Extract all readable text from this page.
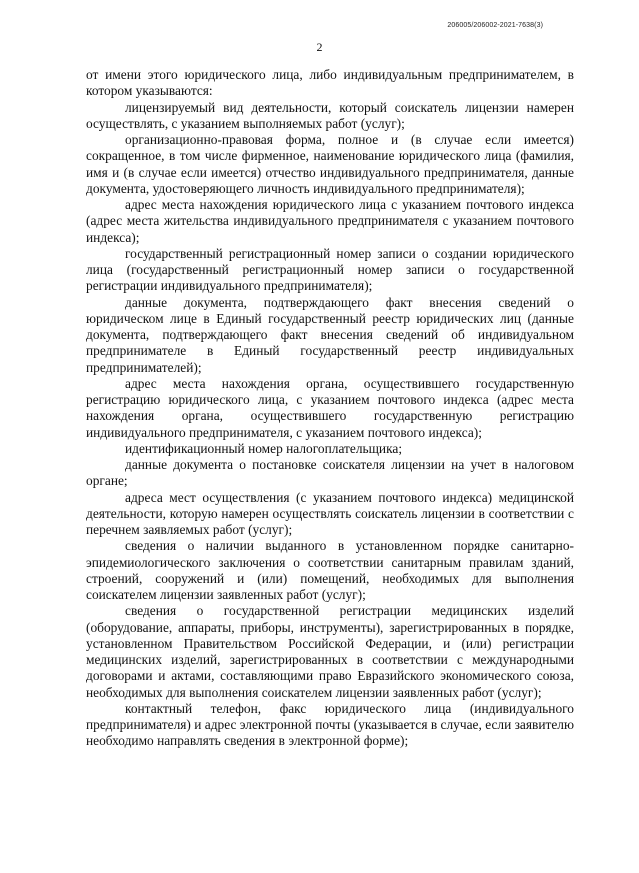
206005/206002-2021-7638(3)
2

от имени этого юридического лица, либо индивидуальным предпринимателем, в котором указываются:

лицензируемый вид деятельности, который соискатель лицензии намерен осуществлять, с указанием выполняемых работ (услуг);

организационно-правовая форма, полное и (в случае если имеется) сокращенное, в том числе фирменное, наименование юридического лица (фамилия, имя и (в случае если имеется) отчество индивидуального предпринимателя, данные документа, удостоверяющего личность индивидуального предпринимателя);

адрес места нахождения юридического лица с указанием почтового индекса (адрес места жительства индивидуального предпринимателя с указанием почтового индекса);

государственный регистрационный номер записи о создании юридического лица (государственный регистрационный номер записи о государственной регистрации индивидуального предпринимателя);

данные документа, подтверждающего факт внесения сведений о юридическом лице в Единый государственный реестр юридических лиц (данные документа, подтверждающего факт внесения сведений об индивидуальном предпринимателе в Единый государственный реестр индивидуальных предпринимателей);

адрес места нахождения органа, осуществившего государственную регистрацию юридического лица, с указанием почтового индекса (адрес места нахождения органа, осуществившего государственную регистрацию индивидуального предпринимателя, с указанием почтового индекса);

идентификационный номер налогоплательщика;

данные документа о постановке соискателя лицензии на учет в налоговом органе;

адреса мест осуществления (с указанием почтового индекса) медицинской деятельности, которую намерен осуществлять соискатель лицензии в соответствии с перечнем заявляемых работ (услуг);

сведения о наличии выданного в установленном порядке санитарно-эпидемиологического заключения о соответствии санитарным правилам зданий, строений, сооружений и (или) помещений, необходимых для выполнения соискателем лицензии заявленных работ (услуг);

сведения о государственной регистрации медицинских изделий (оборудование, аппараты, приборы, инструменты), зарегистрированных в порядке, установленном Правительством Российской Федерации, и (или) регистрации медицинских изделий, зарегистрированных в соответствии с международными договорами и актами, составляющими право Евразийского экономического союза, необходимых для выполнения соискателем лицензии заявленных работ (услуг);

контактный телефон, факс юридического лица (индивидуального предпринимателя) и адрес электронной почты (указывается в случае, если заявителю необходимо направлять сведения в электронной форме);
